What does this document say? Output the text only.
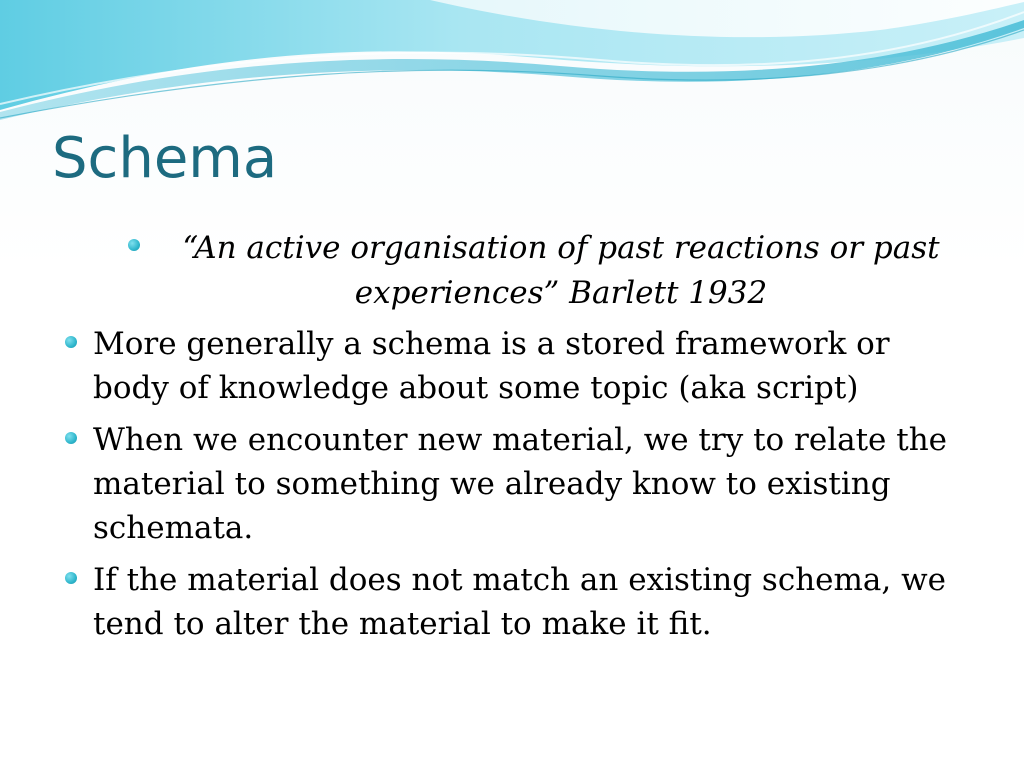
Schema
“An active organisation of past reactions or past experiences” Barlett 1932
More generally a schema is a stored framework or body of knowledge about some topic (aka script)
When we encounter new material, we try to relate the material to something we already know to existing schemata.
If the material does not match an existing schema, we tend to alter the material to make it fit.
